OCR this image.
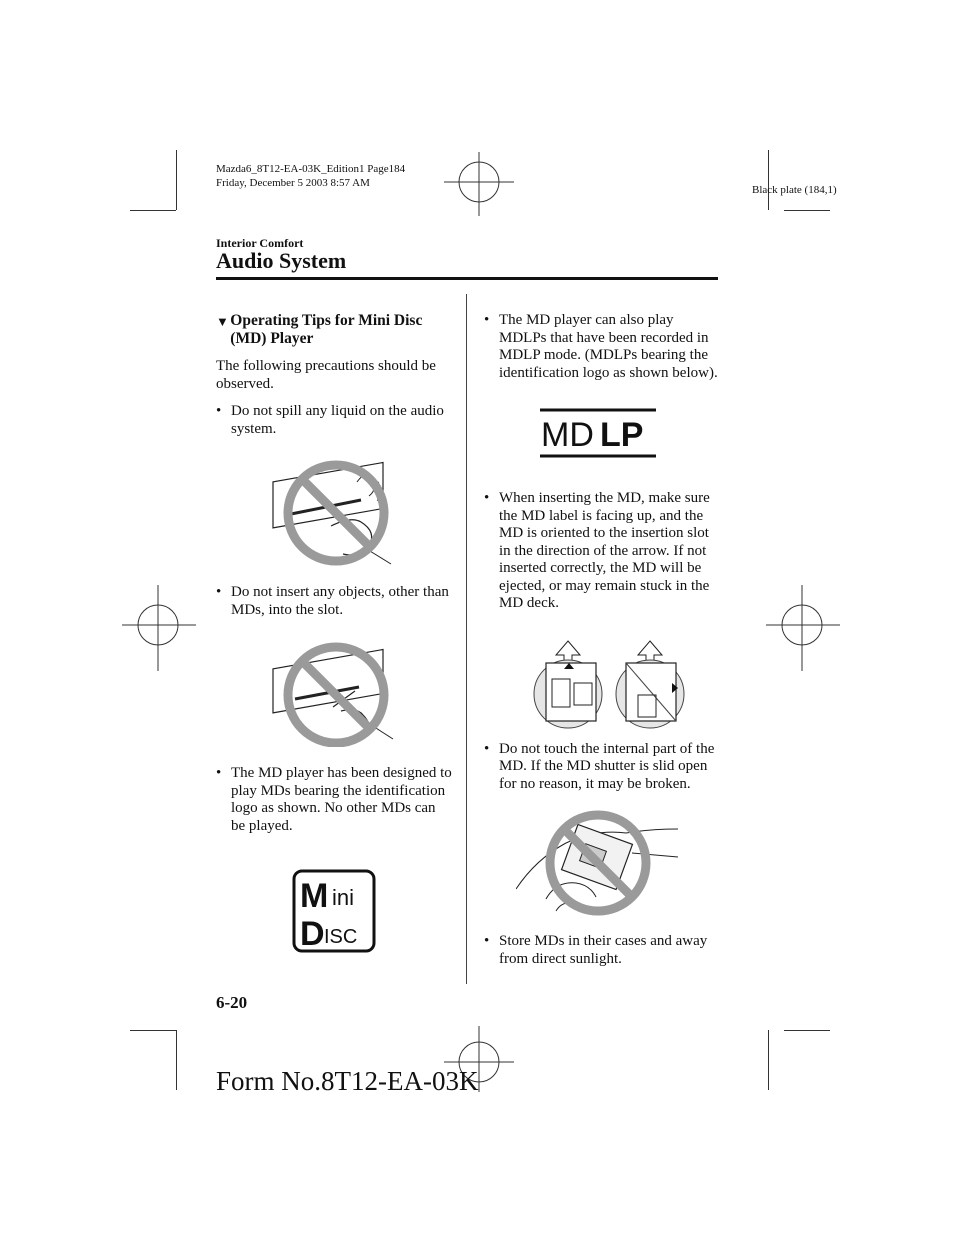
Mazda6_8T12-EA-03K_Edition1 Page184
Friday, December 5 2003 8:57 AM
Black plate (184,1)
Interior Comfort
Audio System
▼ Operating Tips for Mini Disc (MD) Player
The following precautions should be observed.
• Do not spill any liquid on the audio system.
• Do not insert any objects, other than MDs, into the slot.
• The MD player has been designed to play MDs bearing the identification logo as shown. No other MDs can be played.
M ini
D ISC
• The MD player can also play MDLPs that have been recorded in MDLP mode. (MDLPs bearing the identification logo as shown below).
MD LP
• When inserting the MD, make sure the MD label is facing up, and the MD is oriented to the insertion slot in the direction of the arrow. If not inserted correctly, the MD will be ejected, or may remain stuck in the MD deck.
• Do not touch the internal part of the MD. If the MD shutter is slid open for no reason, it may be broken.
• Store MDs in their cases and away from direct sunlight.
6-20
Form No.8T12-EA-03K
